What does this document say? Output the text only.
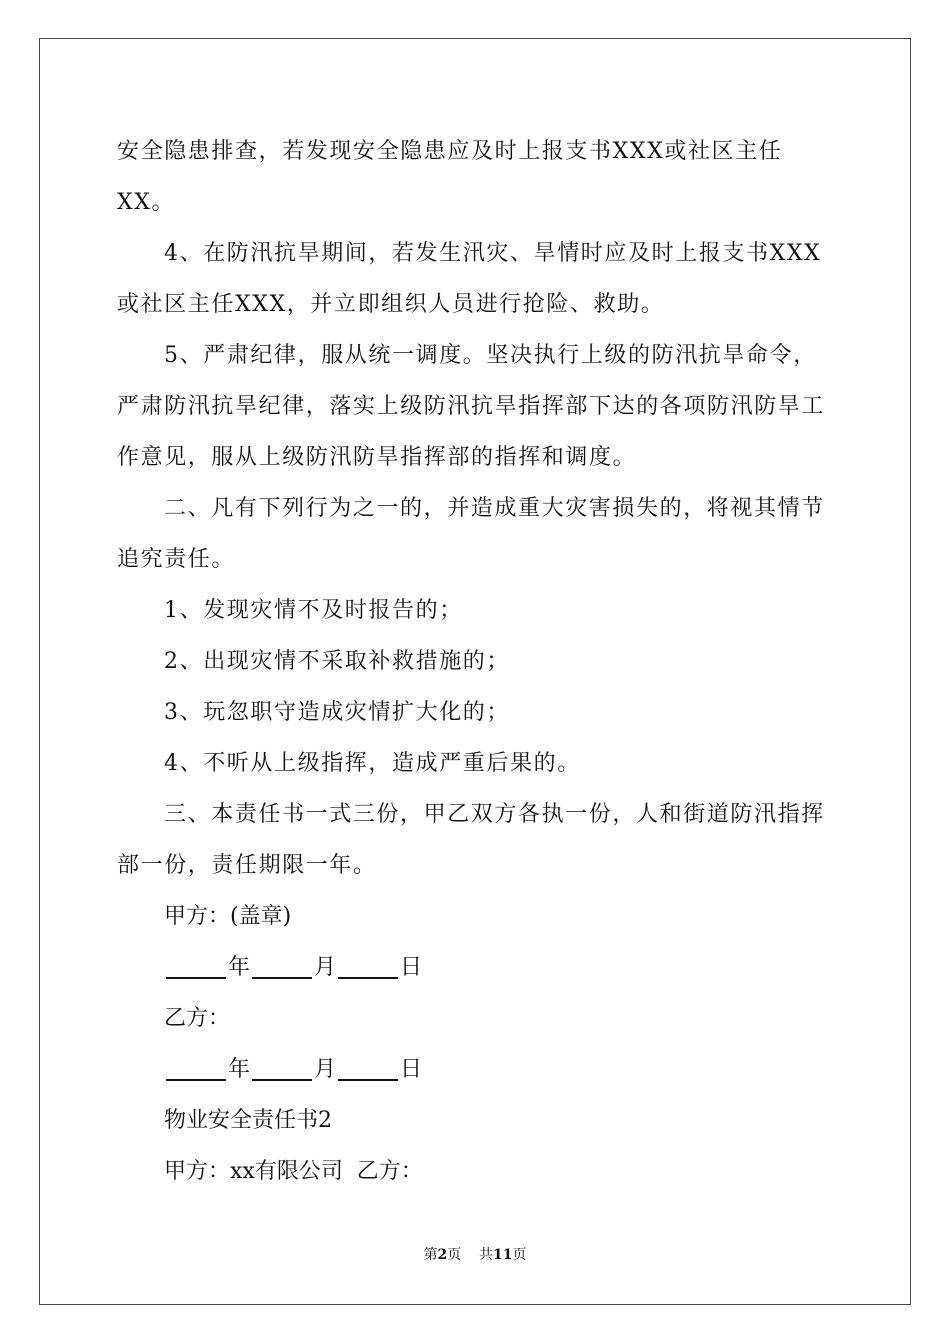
安全隐患排查，若发现安全隐患应及时上报支书XXX或社区主任
XX。
4、在防汛抗旱期间，若发生汛灾、旱情时应及时上报支书XXX
或社区主任XXX，并立即组织人员进行抢险、救助。
5、严肃纪律，服从统一调度。坚决执行上级的防汛抗旱命令，
严肃防汛抗旱纪律，落实上级防汛抗旱指挥部下达的各项防汛防旱工
作意见，服从上级防汛防旱指挥部的指挥和调度。
二、凡有下列行为之一的，并造成重大灾害损失的，将视其情节
追究责任。
1、发现灾情不及时报告的；
2、出现灾情不采取补救措施的；
3、玩忽职守造成灾情扩大化的；
4、不听从上级指挥，造成严重后果的。
三、本责任书一式三份，甲乙双方各执一份，人和街道防汛指挥
部一份，责任期限一年。
甲方：(盖章)
年	月	日
乙方：
年	月	日
物业安全责任书2
甲方：xx有限公司  乙方：
第2页 共11页
